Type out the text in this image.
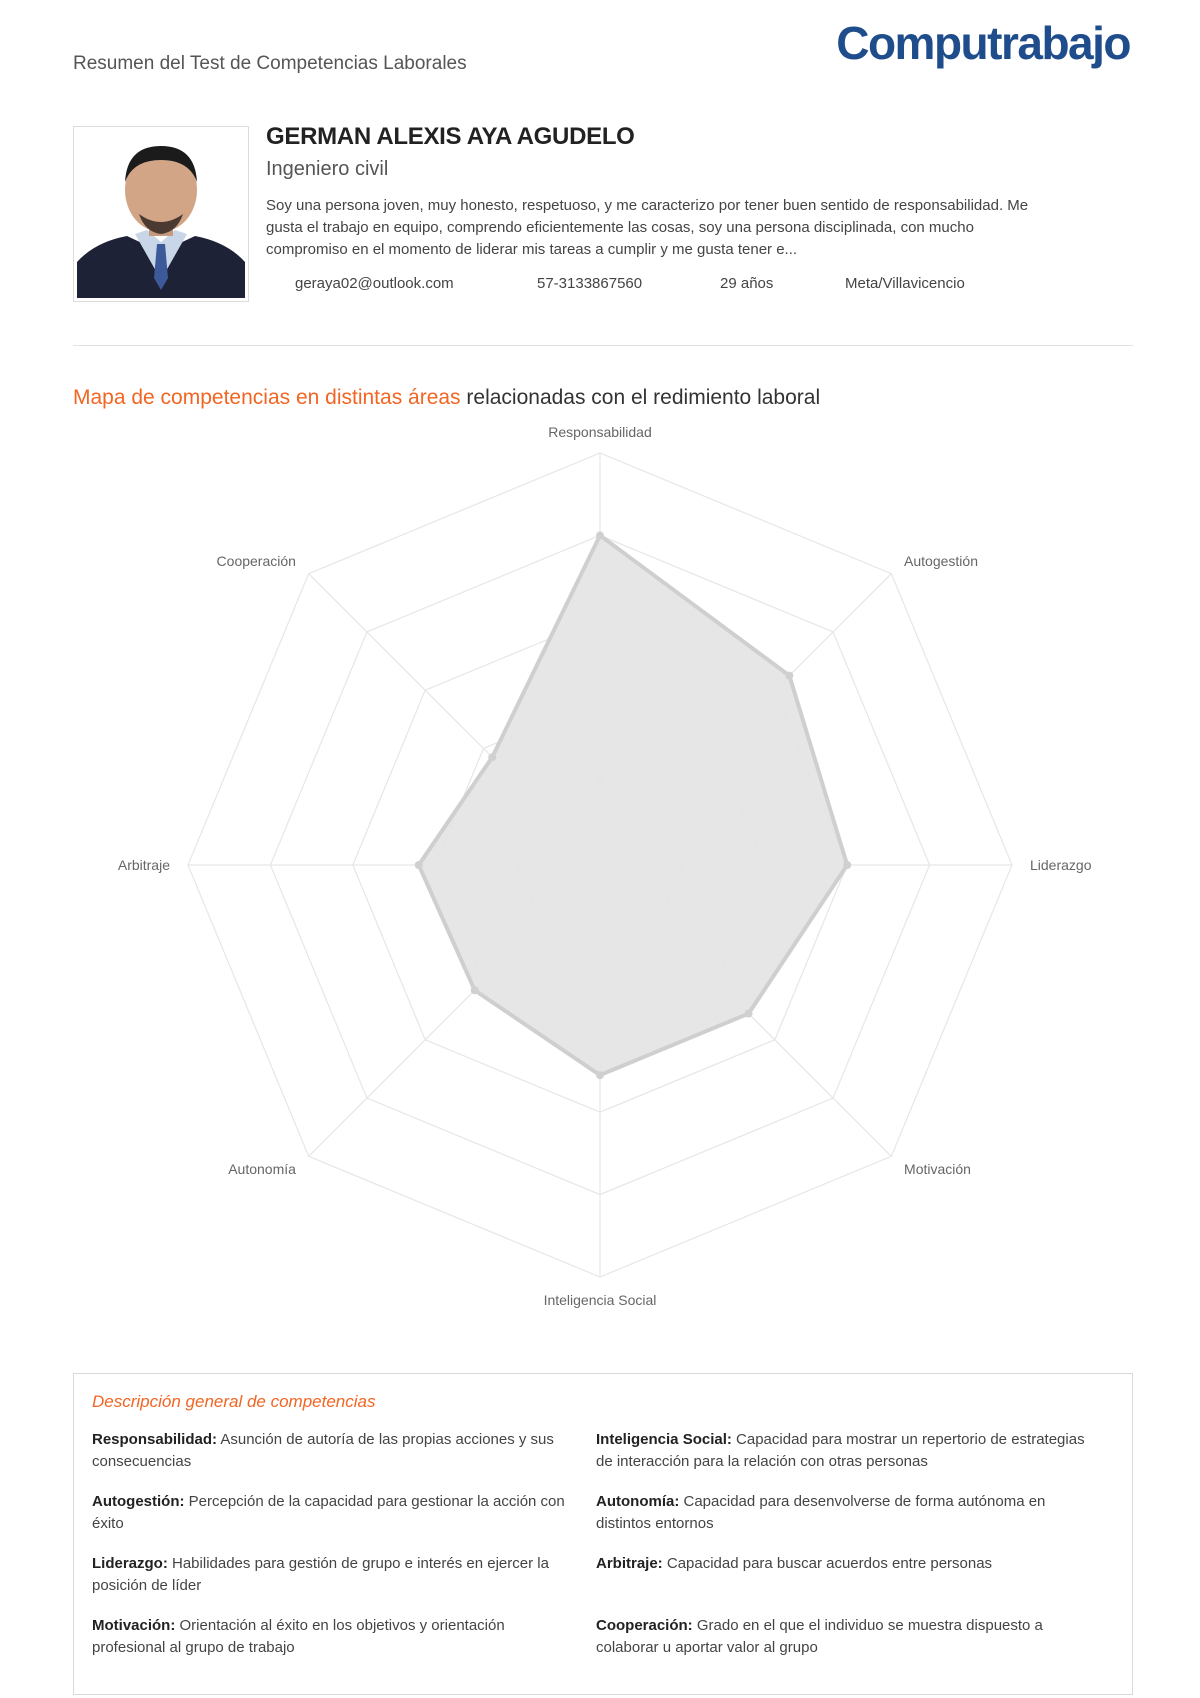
Resumen del Test de Competencias Laborales	Computrabajo
GERMAN ALEXIS AYA AGUDELO
Ingeniero civil
Soy una persona joven, muy honesto, respetuoso, y me caracterizo por tener buen sentido de responsabilidad. Me gusta el trabajo en equipo, comprendo eficientemente las cosas, soy una persona disciplinada, con mucho compromiso en el momento de liderar mis tareas a cumplir y me gusta tener e...
geraya02@outlook.com	57-3133867560	29 años	Meta/Villavicencio
Mapa de competencias en distintas áreas relacionadas con el redimiento laboral
Responsabilidad
Autogestión
Liderazgo
Motivación
Inteligencia Social
Autonomía
Arbitraje
Cooperación
Descripción general de competencias
Responsabilidad: Asunción de autoría de las propias acciones y sus consecuencias
Inteligencia Social: Capacidad para mostrar un repertorio de estrategias de interacción para la relación con otras personas
Autogestión: Percepción de la capacidad para gestionar la acción con éxito
Autonomía: Capacidad para desenvolverse de forma autónoma en distintos entornos
Liderazgo: Habilidades para gestión de grupo e interés en ejercer la posición de líder
Arbitraje: Capacidad para buscar acuerdos entre personas
Motivación: Orientación al éxito en los objetivos y orientación profesional al grupo de trabajo
Cooperación: Grado en el que el individuo se muestra dispuesto a colaborar u aportar valor al grupo
